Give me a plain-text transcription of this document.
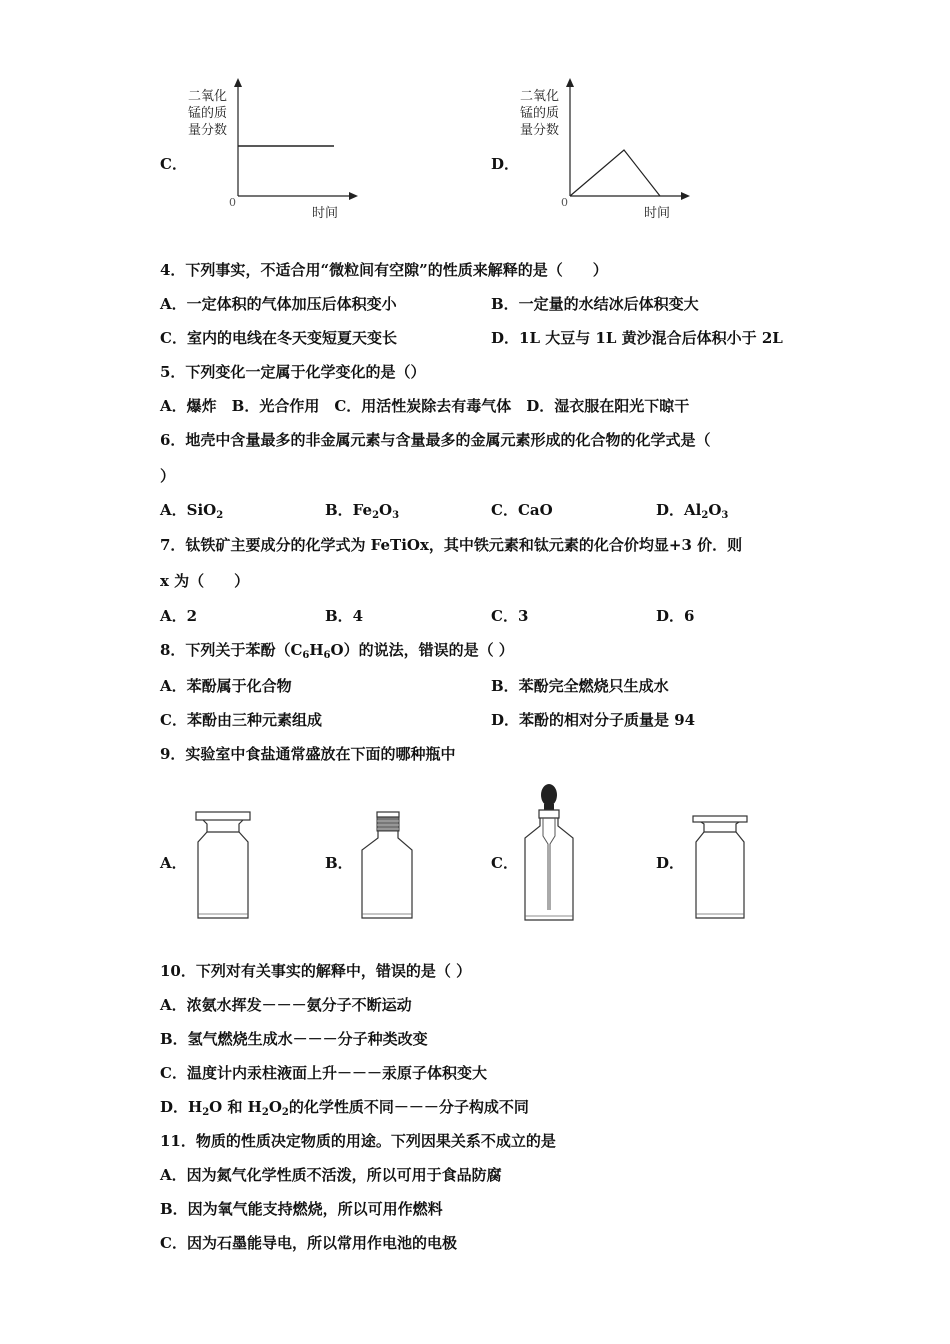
C．
二氧化
锰的质
量分数
0
时间
D．
二氧化
锰的质
量分数
0
时间
4．下列事实，不适合用“微粒间有空隙”的性质来解释的是（　　）
A．一定体积的气体加压后体积变小	B．一定量的水结冰后体积变大
C．室内的电线在冬天变短夏天变长	D．1L 大豆与 1L 黄沙混合后体积小于 2L
5．下列变化一定属于化学变化的是（）
A．爆炸　B．光合作用　C．用活性炭除去有毒气体　D．湿衣服在阳光下晾干
6．地壳中含量最多的非金属元素与含量最多的金属元素形成的化合物的化学式是（
）
A．SiO$_2$	B．$Fe_2O_3$	C．CaO	D．$Al_2O_3$
7．钛铁矿主要成分的化学式为 FeTiOx，其中铁元素和钛元素的化合价均显+3 价．则
x 为（　　）
A．2	B．4	C．3	D．6
8．下列关于苯酚$(C_6H_6O)$的说法，错误的是（ ）
A．苯酚属于化合物	B．苯酚完全燃烧只生成水
C．苯酚由三种元素组成	D．苯酚的相对分子质量是 94
9．实验室中食盐通常盛放在下面的哪种瓶中
A．	B．	C．	D．
10．下列对有关事实的解释中，错误的是（ ）
A．浓氨水挥发－－－氨分子不断运动
B．氢气燃烧生成水－－－分子种类改变
C．温度计内汞柱液面上升－－－汞原子体积变大
D．$H_2O$ 和 $H_2O_2$的化学性质不同－－－分子构成不同
11．物质的性质决定物质的用途。下列因果关系不成立的是
A．因为氮气化学性质不活泼，所以可用于食品防腐
B．因为氧气能支持燃烧，所以可用作燃料
C．因为石墨能导电，所以常用作电池的电极
